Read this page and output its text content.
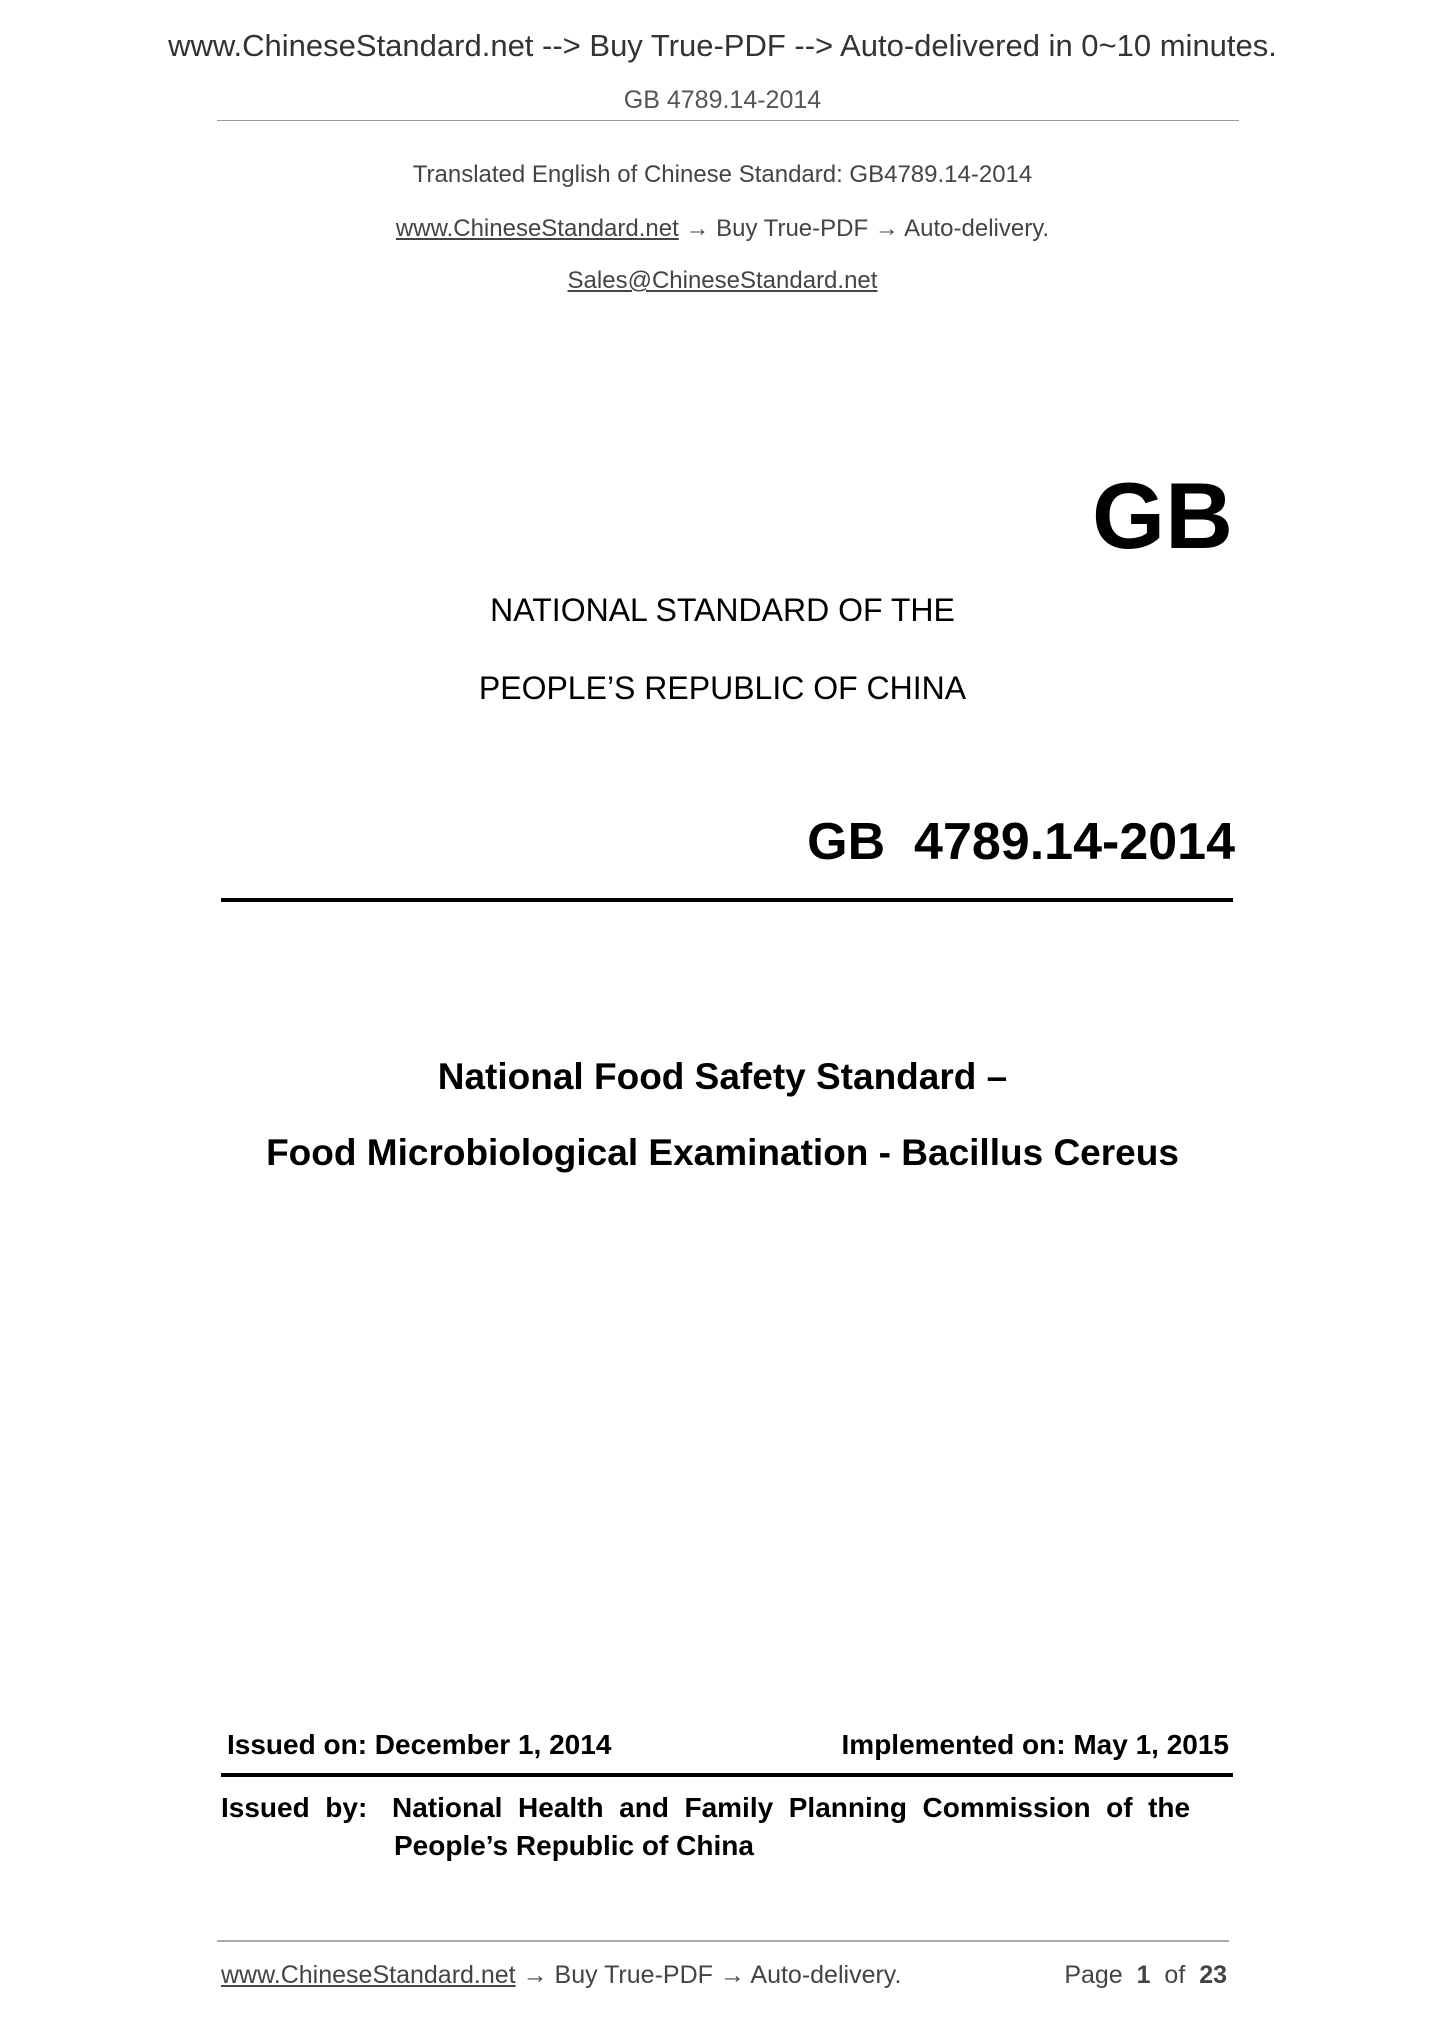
www.ChineseStandard.net --> Buy True-PDF --> Auto-delivered in 0~10 minutes.
GB 4789.14-2014
Translated English of Chinese Standard: GB4789.14-2014
www.ChineseStandard.net → Buy True-PDF → Auto-delivery.
Sales@ChineseStandard.net
GB
NATIONAL STANDARD OF THE
PEOPLE’S REPUBLIC OF CHINA
GB  4789.14-2014
National Food Safety Standard –
Food Microbiological Examination - Bacillus Cereus
Issued on: December 1, 2014	Implemented on: May 1, 2015
Issued  by: National  Health  and  Family  Planning  Commission  of  the
People’s Republic of China
www.ChineseStandard.net → Buy True-PDF → Auto-delivery.	Page 1 of 23
